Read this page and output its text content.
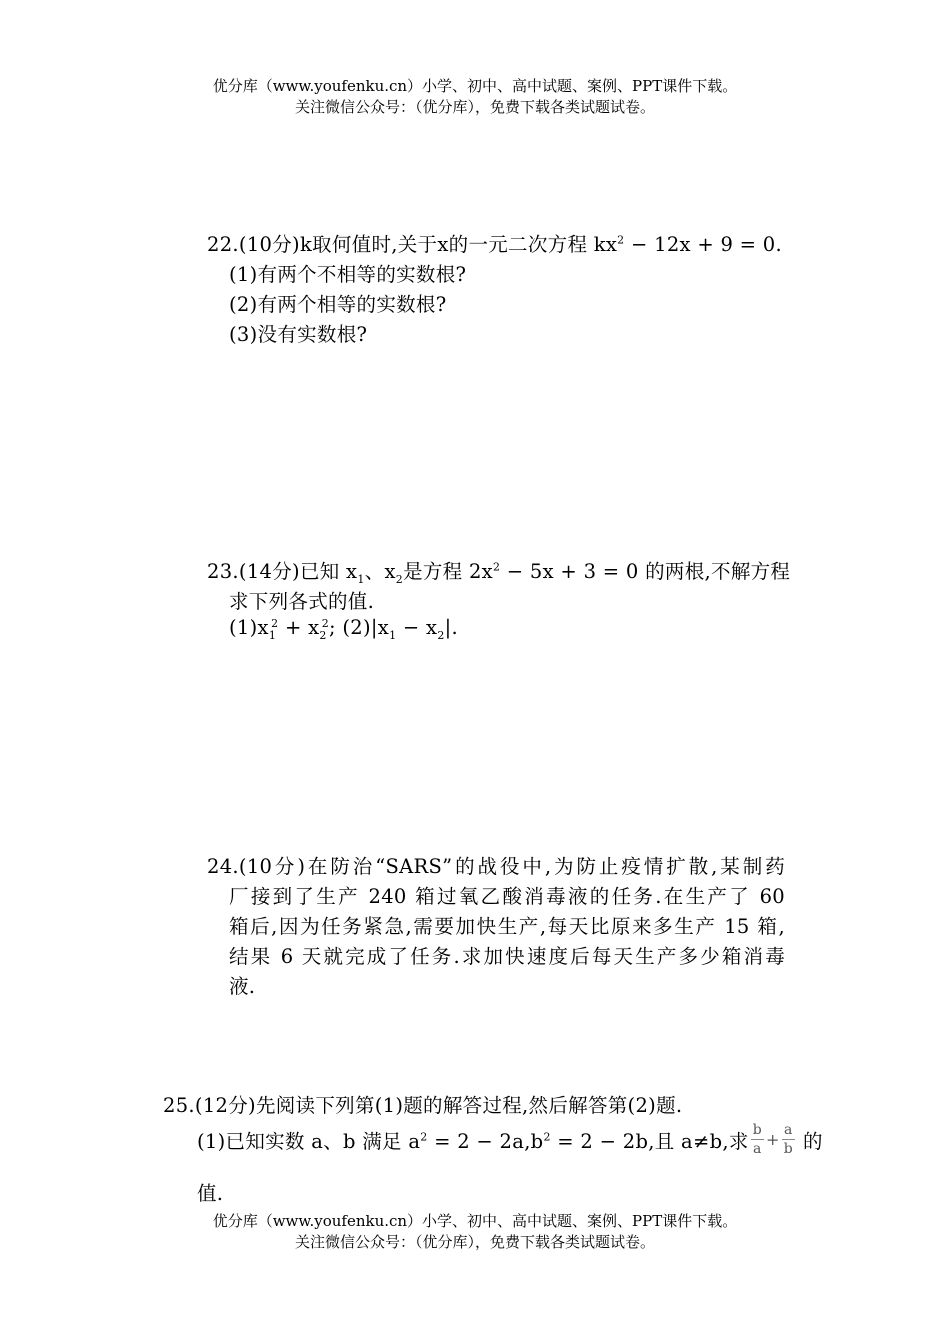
优分库（www.youfenku.cn）小学、初中、高中试题、案例、PPT课件下载。
关注微信公众号：（优分库），免费下载各类试题试卷。
22.(10分)k取何值时,关于x的一元二次方程 $kx^2 - 12x + 9 = 0$.
(1)有两个不相等的实数根?
(2)有两个相等的实数根?
(3)没有实数根?
23.(14分)已知 $x_1$、$x_2$是方程 $2x^2 - 5x + 3 = 0$ 的两根,不解方程
求下列各式的值.
$(1)x_1^2 + x_2^2$; $(2)|x_1 - x_2|$.
24.(10分)在防治“SARS”的战役中,为防止疫情扩散,某制药
厂接到了生产 240 箱过氧乙酸消毒液的任务.在生产了 60
箱后,因为任务紧急,需要加快生产,每天比原来多生产 15 箱,
结果 6 天就完成了任务.求加快速度后每天生产多少箱消毒
液.
25.(12分)先阅读下列第(1)题的解答过程,然后解答第(2)题.
(1)已知实数 a、b 满足 $a^2 = 2 - 2a,b^2 = 2 - 2b$,且 a≠b,求 $\frac{b}{a} + \frac{a}{b}$ 的
值.
优分库（www.youfenku.cn）小学、初中、高中试题、案例、PPT课件下载。
关注微信公众号：（优分库），免费下载各类试题试卷。
